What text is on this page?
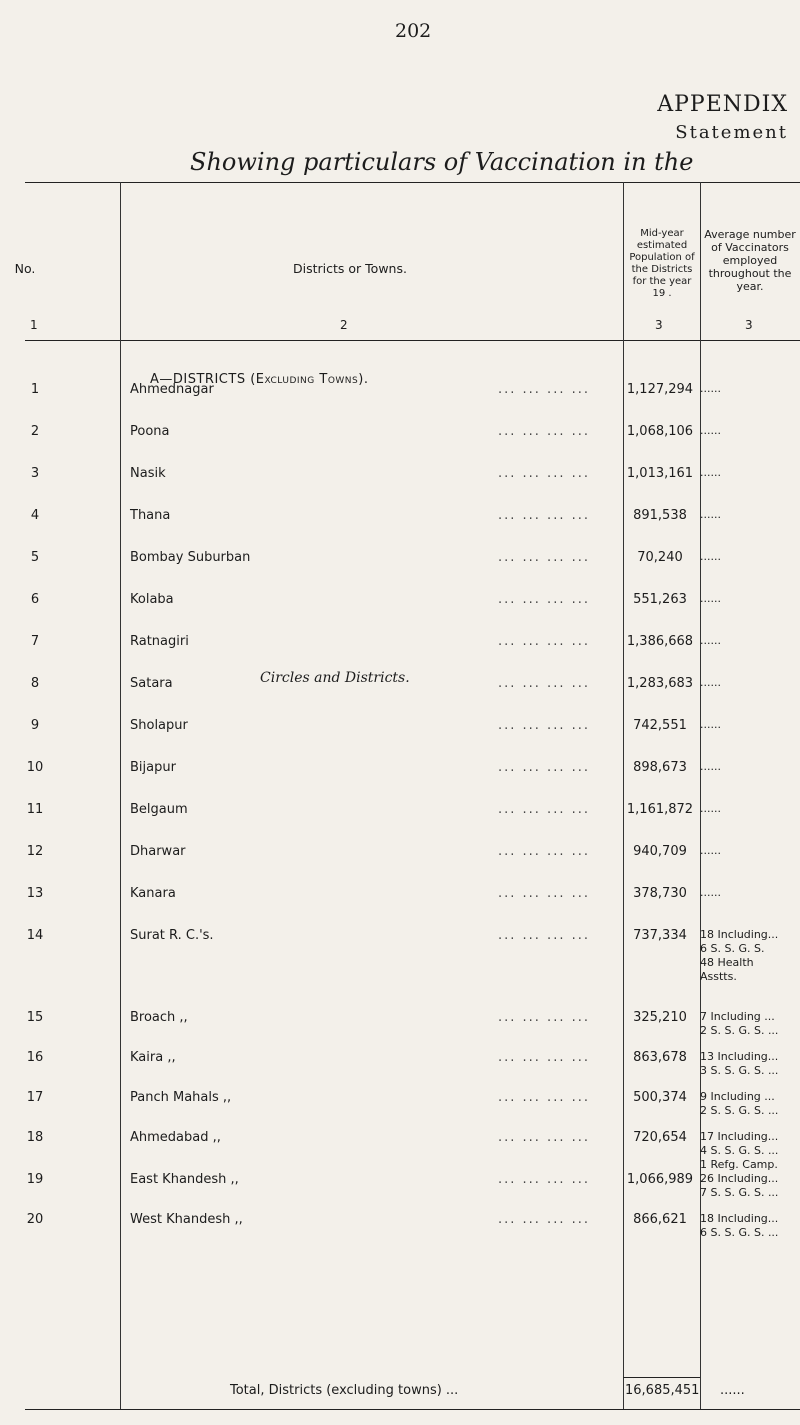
202
APPENDIX
Statement
Showing particulars of Vaccination in the
No.	Districts or Towns.
Mid-year estimated Population of the Districts for the year 19 .
Average number of Vaccinators employed throughout the year.
1	2	3	3
A—DISTRICTS (Excluding Towns).
Circles and Districts.
1	Ahmednagar	... ... ... ...	1,127,294 ......
2	Poona	... ... ... ...	1,068,106 ......
3	Nasik	... ... ... ...	1,013,161 ......
4	Thana	... ... ... ...	891,538	......
5	Bombay Suburban	... ... ... ...	70,240	......
6	Kolaba	... ... ... ...	551,263	......
7	Ratnagiri	... ... ... ...	1,386,668 ......
8	Satara	... ... ... ...	1,283,683 ......
9	Sholapur	... ... ... ...	742,551	......
10	Bijapur	... ... ... ...	898,673	......
11	Belgaum	... ... ... ...	1,161,872 ......
12	Dharwar	... ... ... ...	940,709	......
13	Kanara	... ... ... ...	378,730	......
14	Surat R. C.'s.	... ... ... ...	737,334	18 Including...
6 S. S. G. S.
48 Health
Asstts.
15	Broach ,,	... ... ... ...	325,210	7 Including ...
2 S. S. G. S. ...
16	Kaira ,,	... ... ... ...	863,678	13 Including...
3 S. S. G. S. ...
17	Panch Mahals ,,	... ... ... ...	500,374	9 Including ...
2 S. S. G. S. ...
18	Ahmedabad ,,	... ... ... ...	720,654	17 Including...
4 S. S. G. S. ...
1 Refg. Camp.
19	East Khandesh ,,	... ... ... ...	1,066,989 26 Including...
7 S. S. G. S. ...
20	West Khandesh ,,	... ... ... ...	866,621	18 Including...
6 S. S. G. S. ...
Total, Districts (excluding towns) ...	16,685,451 ......
